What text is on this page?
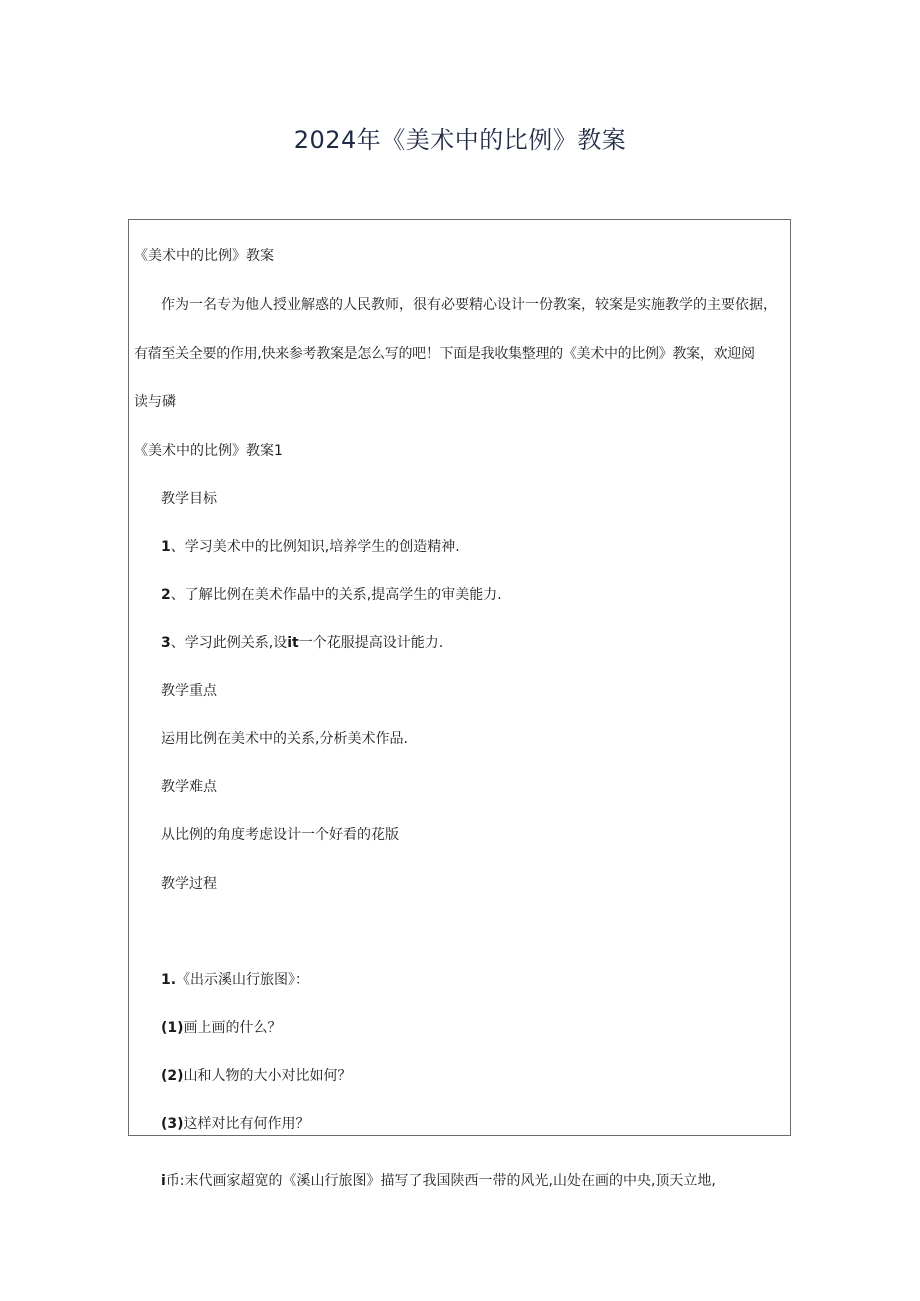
2024年《美术中的比例》教案
《美术中的比例》教案
作为一名专为他人授业解惑的人民教师，很有必要精心设计一份教案，较案是实施教学的主要依据，
有蓿至关全要的作用,快来参考教案是怎么写的吧！下面是我收集整理的《美术中的比例》教案，欢迎阅
读与磷
《美术中的比例》教案1
教学目标
1、学习美术中的比例知识,培养学生的创造精神.
2、了解比例在美术作晶中的关系,提高学生的审美能力.
3、学习此例关系,设it一个花服提高设计能力.
教学重点
运用比例在美术中的关系,分析美术作品.
教学难点
从比例的角度考虑设计一个好看的花版
教学过程
1.《出示溪山行旅图》：
(1)画上画的什么？
(2)山和人物的大小对比如何？
(3)这样对比有何作用？
i币:末代画家超宽的《溪山行旅图》描写了我国陕西一带的风光,山处在画的中央,顶天立地,
